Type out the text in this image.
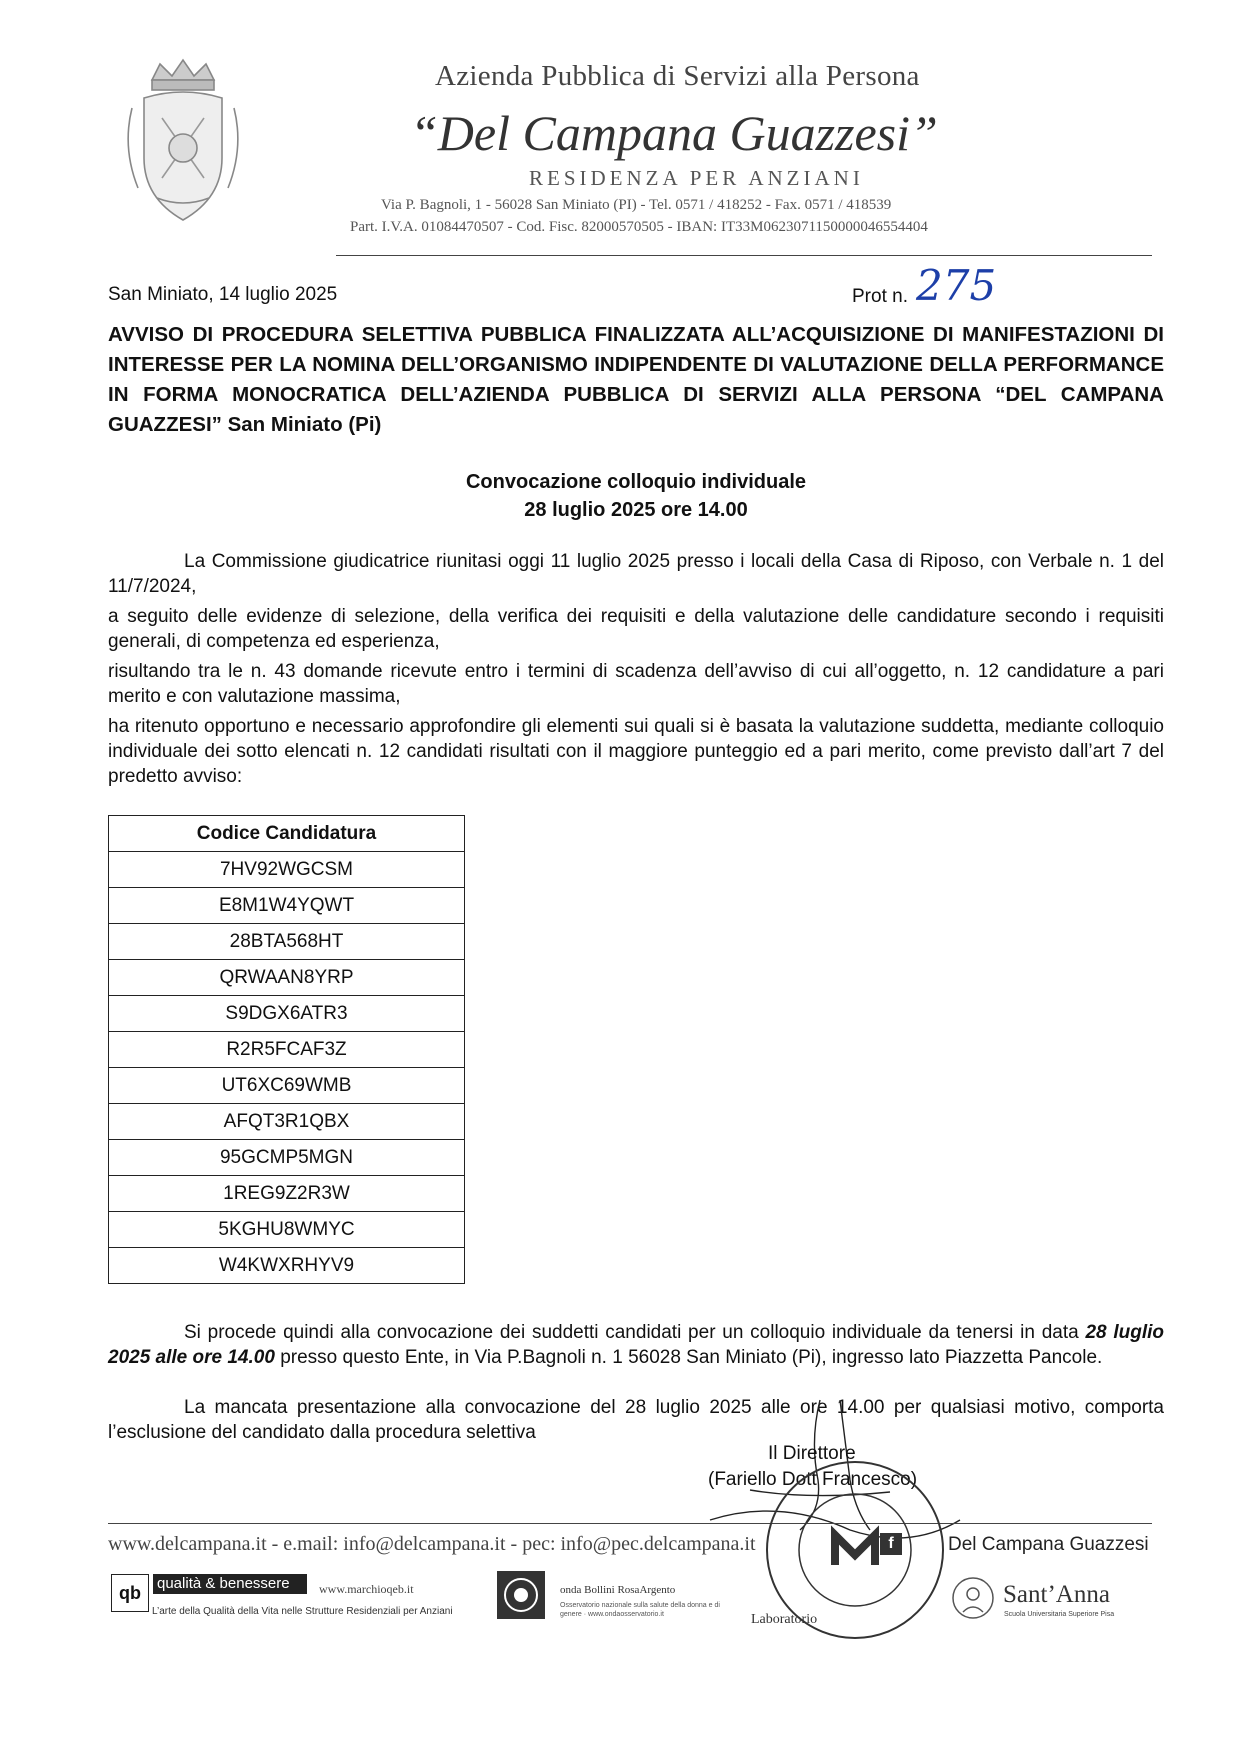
Azienda Pubblica di Servizi alla Persona
“Del Campana Guazzesi”
RESIDENZA PER ANZIANI
Via P. Bagnoli, 1 - 56028 San Miniato (PI) - Tel. 0571 / 418252 - Fax. 0571 / 418539
Part. I.V.A. 01084470507 - Cod. Fisc. 82000570505 - IBAN: IT33M0623071150000046554404
San Miniato, 14 luglio 2025	Prot n. 275
AVVISO DI PROCEDURA SELETTIVA PUBBLICA FINALIZZATA ALL’ACQUISIZIONE DI MANIFESTAZIONI DI INTERESSE PER LA NOMINA DELL’ORGANISMO INDIPENDENTE DI VALUTAZIONE DELLA PERFORMANCE IN FORMA MONOCRATICA DELL’AZIENDA PUBBLICA DI SERVIZI ALLA PERSONA “DEL CAMPANA GUAZZESI” San Miniato (Pi)
Convocazione colloquio individuale
28 luglio 2025 ore 14.00
La Commissione giudicatrice riunitasi oggi 11 luglio 2025 presso i locali della Casa di Riposo, con Verbale n. 1 del 11/7/2024,
a seguito delle evidenze di selezione, della verifica dei requisiti e della valutazione delle candidature secondo i requisiti generali, di competenza ed esperienza,
risultando tra le n. 43 domande ricevute entro i termini di scadenza dell’avviso di cui all’oggetto, n. 12 candidature a pari merito e con valutazione massima,
ha ritenuto opportuno e necessario approfondire gli elementi sui quali si è basata la valutazione suddetta, mediante colloquio individuale dei sotto elencati n. 12 candidati risultati con il maggiore punteggio ed a pari merito, come previsto dall’art 7 del predetto avviso:
Codice Candidatura
7HV92WGCSM
E8M1W4YQWT
28BTA568HT
QRWAAN8YRP
S9DGX6ATR3
R2R5FCAF3Z
UT6XC69WMB
AFQT3R1QBX
95GCMP5MGN
1REG9Z2R3W
5KGHU8WMYC
W4KWXRHYV9
Si procede quindi alla convocazione dei suddetti candidati per un colloquio individuale da tenersi in data 28 luglio 2025 alle ore 14.00 presso questo Ente, in Via P.Bagnoli n. 1 56028 San Miniato (Pi), ingresso lato Piazzetta Pancole.
La mancata presentazione alla convocazione del 28 luglio 2025 alle ore 14.00 per qualsiasi motivo, comporta l’esclusione del candidato dalla procedura selettiva
Il Direttore
(Fariello Dott Francesco)
www.delcampana.it - e.mail: info@delcampana.it - pec: info@pec.delcampana.it	f	Del Campana Guazzesi
qb	qualità & benessere	www.marchioqeb.it
L’arte della Qualità della Vita nelle Strutture Residenziali per Anziani
onda Bollini RosaArgento
Osservatorio nazionale sulla salute della donna e di genere · www.ondaosservatorio.it	Laboratorio
Sant’Anna
Scuola Universitaria Superiore Pisa
